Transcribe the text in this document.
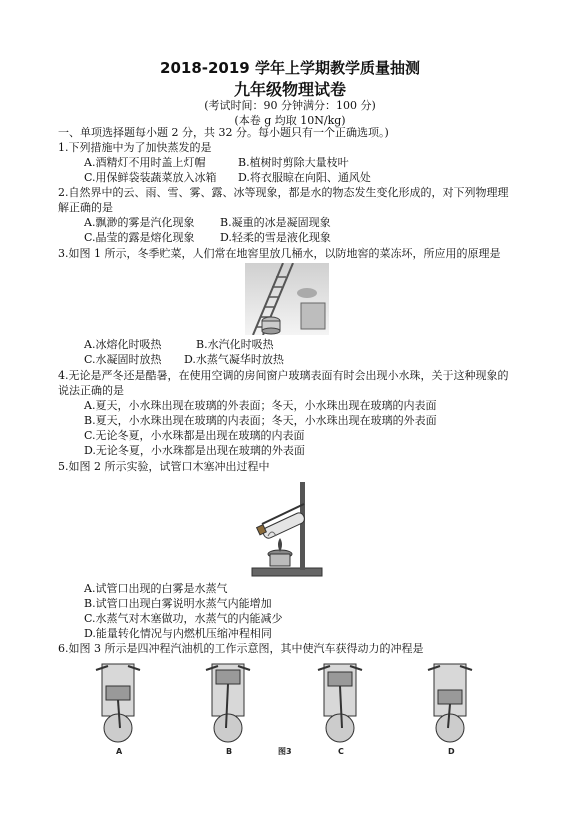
2018-2019 学年上学期教学质量抽测
九年级物理试卷
(考试时间：90 分钟满分：100 分)
(本卷 g 均取 10N/kg)
一、单项选择题每小题 2 分，共 32 分。每小题只有一个正确选项。)
1.下列措施中为了加快蒸发的是
A.酒精灯不用时盖上灯帽	B.植树时剪除大量枝叶
C.用保鲜袋装蔬菜放入冰箱 D.将衣服晾在向阳、通风处
2.自然界中的云、雨、雪、雾、露、冰等现象，都是水的物态发生变化形成的，对下列物理理
解正确的是
A.飘渺的雾是汽化现象 B.凝重的冰是凝固现象
C.晶莹的露是熔化现象 D.轻柔的雪是液化现象
3.如图 1 所示，冬季贮菜，人们常在地窖里放几桶水，以防地窖的菜冻坏，所应用的原理是
A.冰熔化时吸热	B.水汽化时吸热
C.水凝固时放热 D.水蒸气凝华时放热
4.无论是严冬还是酷暑，在使用空调的房间窗户玻璃表面有时会出现小水珠，关于这种现象的
说法正确的是
A.夏天，小水珠出现在玻璃的外表面；冬天，小水珠出现在玻璃的内表面
B.夏天，小水珠出现在玻璃的内表面；冬天，小水珠出现在玻璃的外表面
C.无论冬夏，小水珠都是出现在玻璃的内表面
D.无论冬夏，小水珠都是出现在玻璃的外表面
5.如图 2 所示实验，试管口木塞冲出过程中
A.试管口出现的白雾是水蒸气
B.试管口出现白雾说明水蒸气内能增加
C.水蒸气对木塞做功，水蒸气的内能减少
D.能量转化情况与内燃机压缩冲程相同
6.如图 3 所示是四冲程汽油机的工作示意图，其中使汽车获得动力的冲程是
A	B	图3	C	D
